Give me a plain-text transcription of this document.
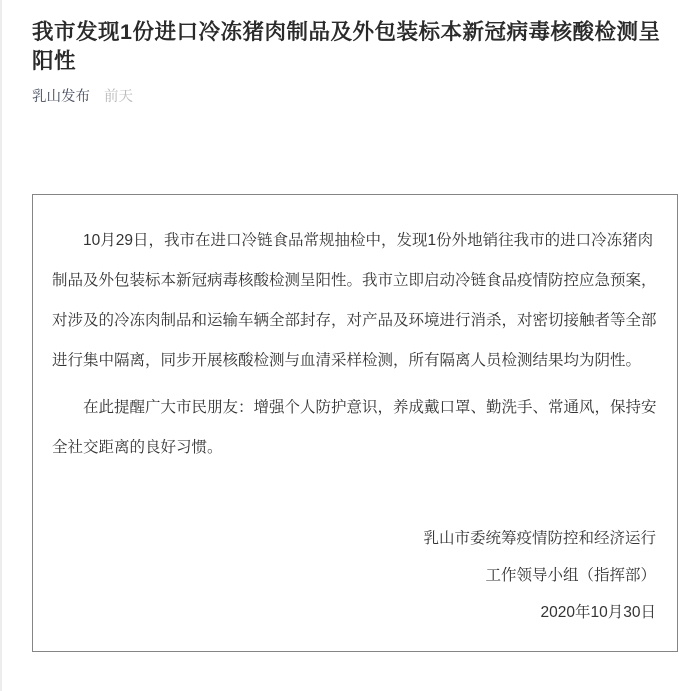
我市发现1份进口冷冻猪肉制品及外包装标本新冠病毒核酸检测呈阳性
乳山发布 前天
　　10月29日，我市在进口冷链食品常规抽检中，发现1份外地销往我市的进口冷冻猪肉
制品及外包装标本新冠病毒核酸检测呈阳性。我市立即启动冷链食品疫情防控应急预案，
对涉及的冷冻肉制品和运输车辆全部封存，对产品及环境进行消杀，对密切接触者等全部
进行集中隔离，同步开展核酸检测与血清采样检测，所有隔离人员检测结果均为阴性。
　　在此提醒广大市民朋友：增强个人防护意识，养成戴口罩、勤洗手、常通风，保持安
全社交距离的良好习惯。
乳山市委统筹疫情防控和经济运行
工作领导小组（指挥部）
2020年10月30日
